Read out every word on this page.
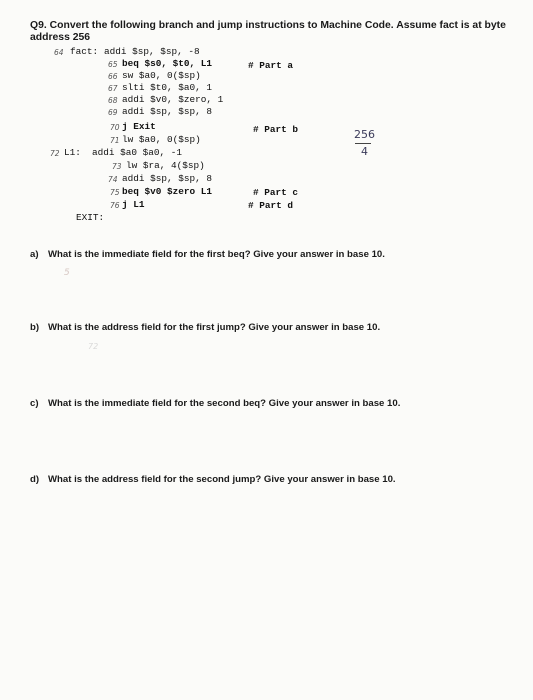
Q9. Convert the following branch and jump instructions to Machine Code. Assume fact is at byte address 256
64 fact: addi $sp, $sp, -8
65 beq $s0, $t0, L1
66 sw $a0, 0($sp)
67 slti $t0, $a0, 1
68 addi $v0, $zero, 1
69 addi $sp, $sp, 8
70 j Exit
71 lw $a0, 0($sp)
72 L1: addi $a0 $a0, -1
73 lw $ra, 4($sp)
74 addi $sp, $sp, 8
75 beq $v0 $zero L1
76 j L1
EXIT:
# Part a
# Part b
# Part c
# Part d
256
4
a) What is the immediate field for the first beq? Give your answer in base 10.
5
b) What is the address field for the first jump? Give your answer in base 10.
72
c) What is the immediate field for the second beq? Give your answer in base 10.
d) What is the address field for the second jump? Give your answer in base 10.
